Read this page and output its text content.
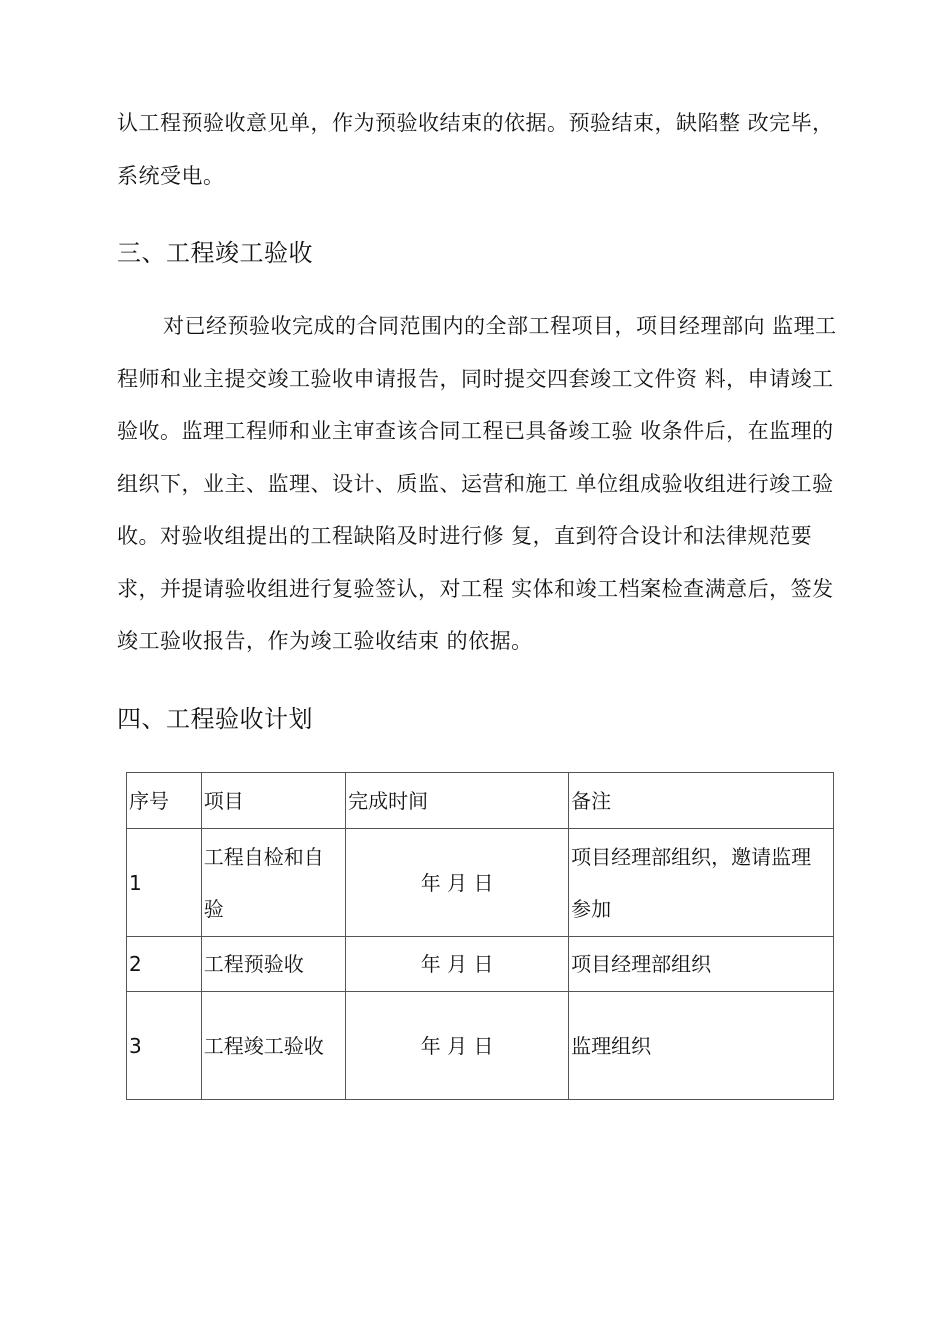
认工程预验收意见单，作为预验收结束的依据。预验结束，缺陷整 改完毕，系统受电。

三、工程竣工验收

对已经预验收完成的合同范围内的全部工程项目，项目经理部向 监理工程师和业主提交竣工验收申请报告，同时提交四套竣工文件资 料，申请竣工验收。监理工程师和业主审查该合同工程已具备竣工验 收条件后，在监理的组织下，业主、监理、设计、质监、运营和施工 单位组成验收组进行竣工验收。对验收组提出的工程缺陷及时进行修 复，直到符合设计和法律规范要求，并提请验收组进行复验签认，对工程 实体和竣工档案检查满意后，签发竣工验收报告，作为竣工验收结束 的依据。

四、工程验收计划
序号	项目	完成时间	备注
1	工程自检和自验	年 月 日	项目经理部组织，邀请监理参加
2	工程预验收	年 月 日	项目经理部组织
3	工程竣工验收	年 月 日	监理组织
